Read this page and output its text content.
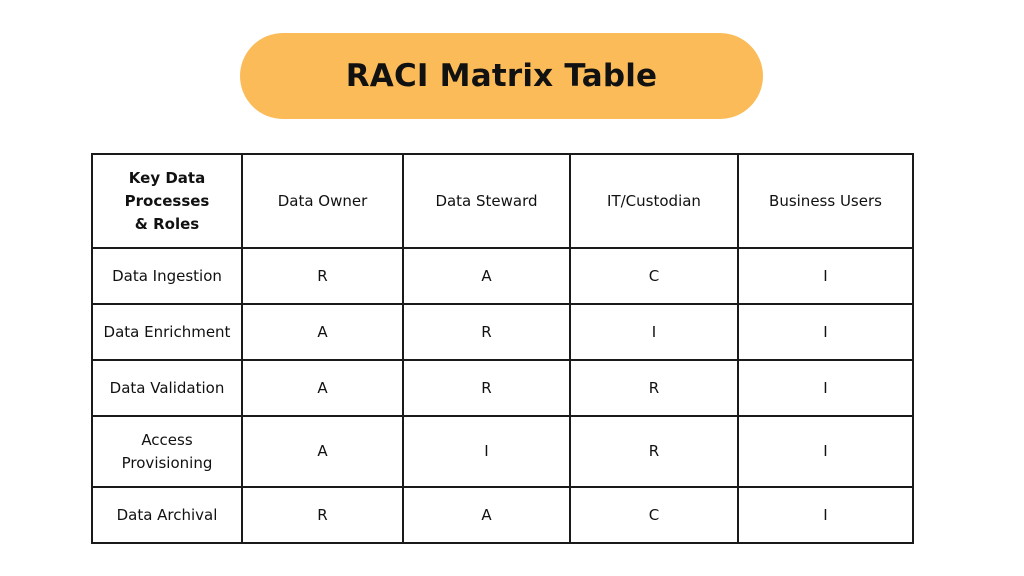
RACI Matrix Table
Key Data Processes & Roles	Data Owner	Data Steward	IT/Custodian	Business Users
Data Ingestion	R	A	C	I
Data Enrichment	A	R	I	I
Data Validation	A	R	R	I

Access Provisioning	A	I	R	I
Data Archival	R	A	C	I
